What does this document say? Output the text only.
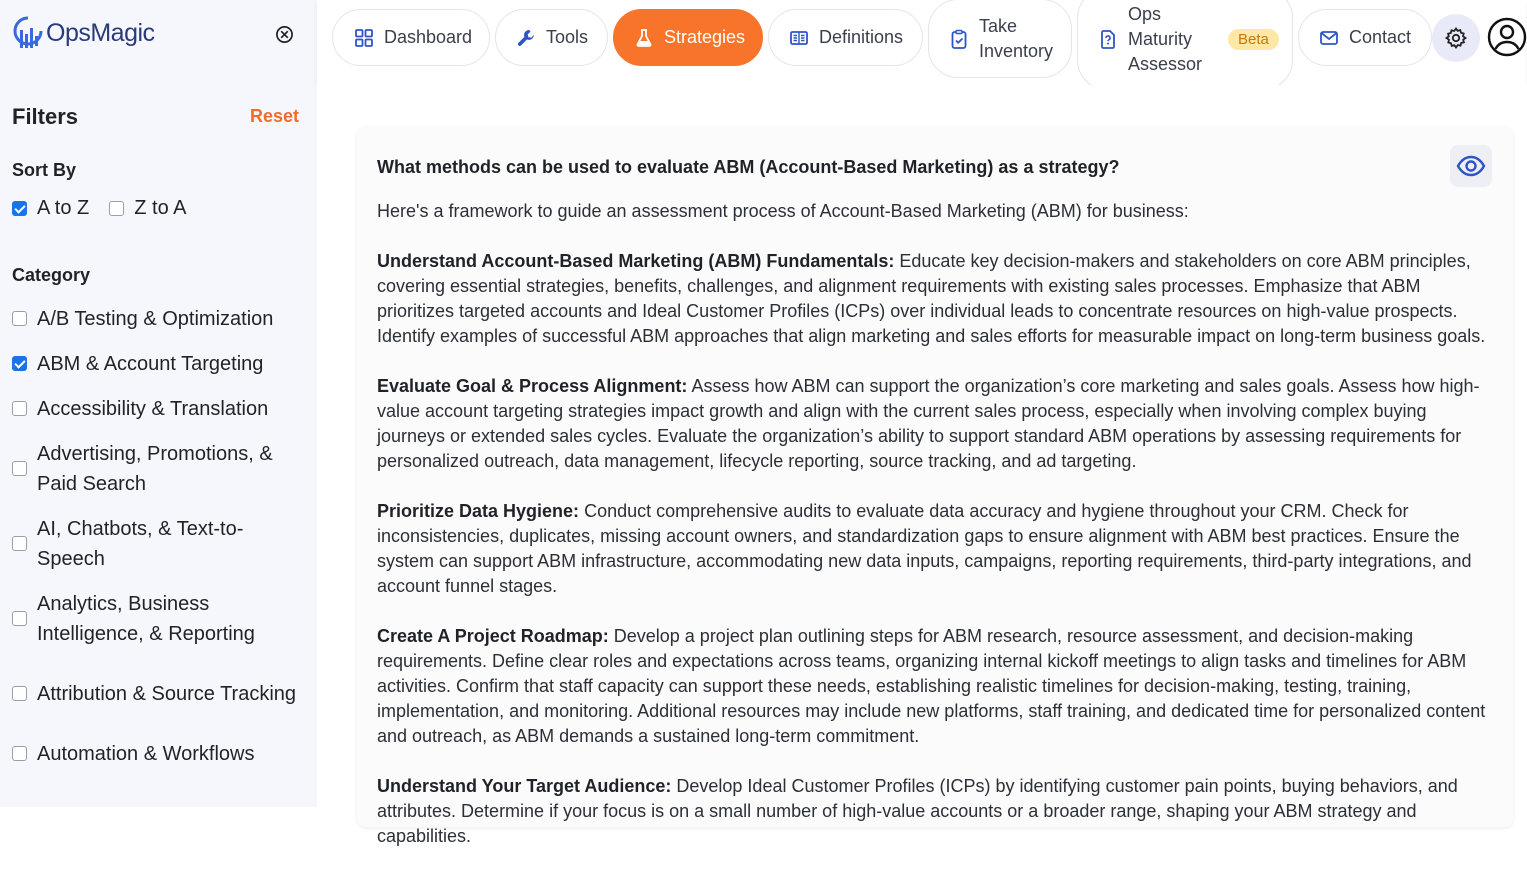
OpsMagic
Filters	Reset
Sort By
A to Z Z to A
Category
A/B Testing & Optimization
ABM & Account Targeting
Accessibility & Translation
Advertising, Promotions, & Paid Search
AI, Chatbots, & Text-to-Speech
Analytics, Business Intelligence, & Reporting
Attribution & Source Tracking
Automation & Workflows
Dashboard	Tools	Strategies	Definitions
Take Inventory
Ops Maturity Assessor
Beta	Contact
What methods can be used to evaluate ABM (Account-Based Marketing) as a strategy?

Here's a framework to guide an assessment process of Account-Based Marketing (ABM) for business:

Understand Account-Based Marketing (ABM) Fundamentals: Educate key decision-makers and stakeholders on core ABM principles, covering essential strategies, benefits, challenges, and alignment requirements with existing sales processes. Emphasize that ABM prioritizes targeted accounts and Ideal Customer Profiles (ICPs) over individual leads to concentrate resources on high-value prospects. Identify examples of successful ABM approaches that align marketing and sales efforts for measurable impact on long-term business goals.

Evaluate Goal & Process Alignment: Assess how ABM can support the organization’s core marketing and sales goals. Assess how high-value account targeting strategies impact growth and align with the current sales process, especially when involving complex buying journeys or extended sales cycles. Evaluate the organization’s ability to support standard ABM operations by assessing requirements for personalized outreach, data management, lifecycle reporting, source tracking, and ad targeting.

Prioritize Data Hygiene: Conduct comprehensive audits to evaluate data accuracy and hygiene throughout your CRM. Check for inconsistencies, duplicates, missing account owners, and standardization gaps to ensure alignment with ABM best practices. Ensure the system can support ABM infrastructure, accommodating new data inputs, campaigns, reporting requirements, third-party integrations, and account funnel stages.

Create A Project Roadmap: Develop a project plan outlining steps for ABM research, resource assessment, and decision-making requirements. Define clear roles and expectations across teams, organizing internal kickoff meetings to align tasks and timelines for ABM activities. Confirm that staff capacity can support these needs, establishing realistic timelines for decision-making, testing, training, implementation, and monitoring. Additional resources may include new platforms, staff training, and dedicated time for personalized content and outreach, as ABM demands a sustained long-term commitment.

Understand Your Target Audience: Develop Ideal Customer Profiles (ICPs) by identifying customer pain points, buying behaviors, and attributes. Determine if your focus is on a small number of high-value accounts or a broader range, shaping your ABM strategy and capabilities.
